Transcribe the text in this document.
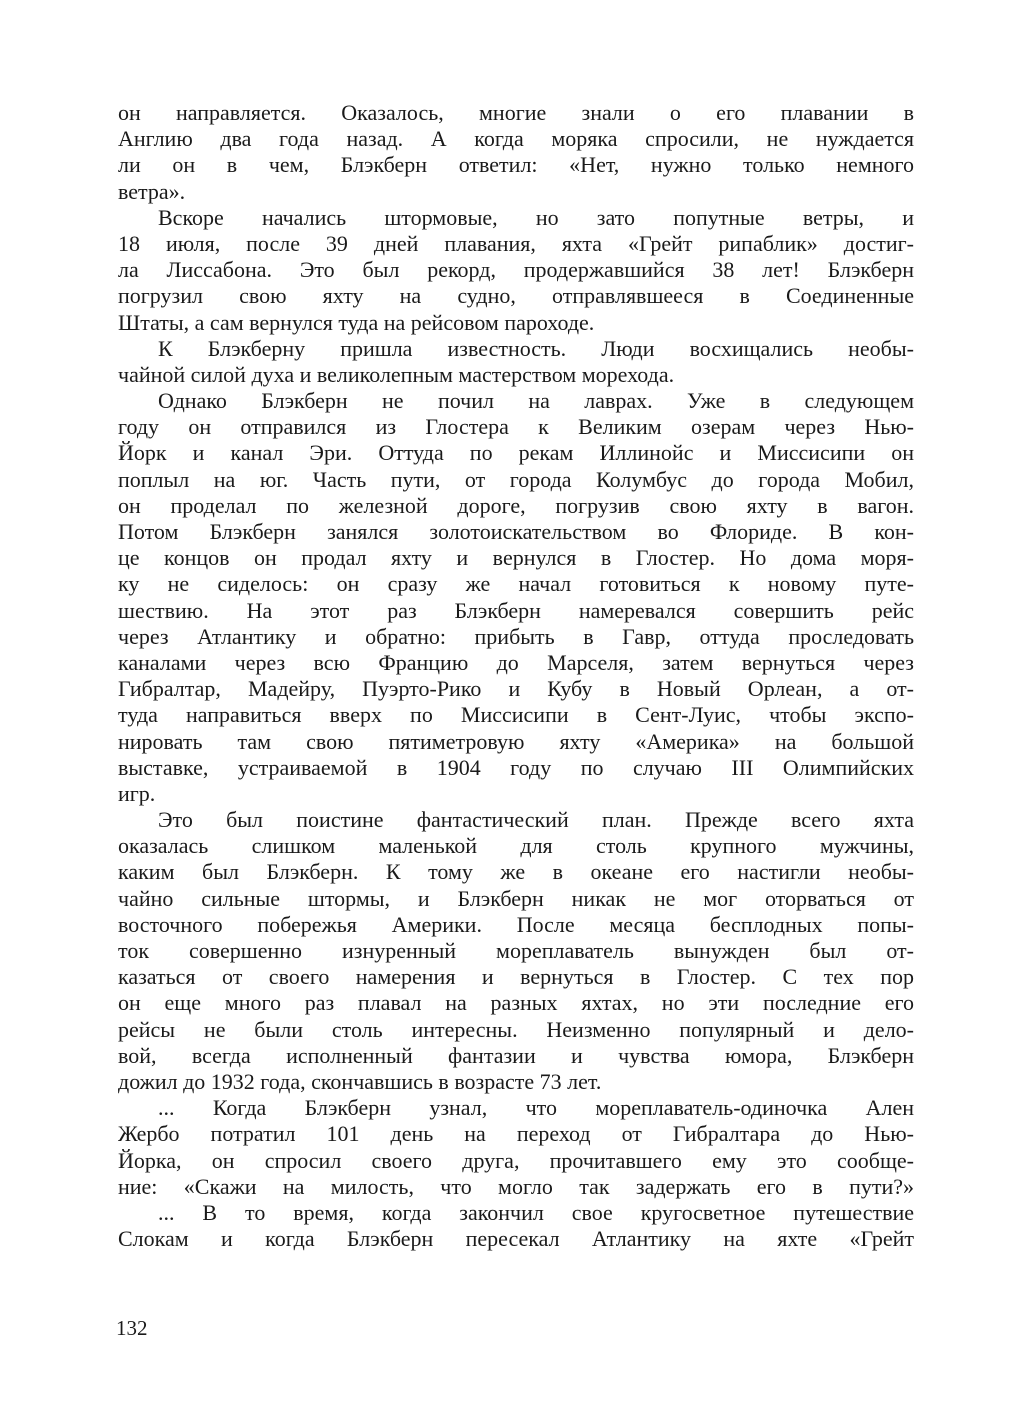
он направляется. Оказалось, многие знали о его плавании в
Англию два года назад. А когда моряка спросили, не нуждается
ли он в чем, Блэкберн ответил: «Нет, нужно только немного
ветра».

Вскоре начались штормовые, но зато попутные ветры, и
18 июля, после 39 дней плавания, яхта «Грейт рипаблик» достиг-
ла Лиссабона. Это был рекорд, продержавшийся 38 лет! Блэкберн
погрузил свою яхту на судно, отправлявшееся в Соединенные
Штаты, а сам вернулся туда на рейсовом пароходе.

К Блэкберну пришла известность. Люди восхищались необы-
чайной силой духа и великолепным мастерством морехода.

Однако Блэкберн не почил на лаврах. Уже в следующем
году он отправился из Глостера к Великим озерам через Нью-
Йорк и канал Эри. Оттуда по рекам Иллинойс и Миссисипи он
поплыл на юг. Часть пути, от города Колумбус до города Мобил,
он проделал по железной дороге, погрузив свою яхту в вагон.
Потом Блэкберн занялся золотоискательством во Флориде. В кон-
це концов он продал яхту и вернулся в Глостер. Но дома моря-
ку не сиделось: он сразу же начал готовиться к новому путе-
шествию. На этот раз Блэкберн намеревался совершить рейс
через Атлантику и обратно: прибыть в Гавр, оттуда проследовать
каналами через всю Францию до Марселя, затем вернуться через
Гибралтар, Мадейру, Пуэрто-Рико и Кубу в Новый Орлеан, а от-
туда направиться вверх по Миссисипи в Сент-Луис, чтобы экспо-
нировать там свою пятиметровую яхту «Америка» на большой
выставке, устраиваемой в 1904 году по случаю III Олимпийских
игр.

Это был поистине фантастический план. Прежде всего яхта
оказалась слишком маленькой для столь крупного мужчины,
каким был Блэкберн. К тому же в океане его настигли необы-
чайно сильные штормы, и Блэкберн никак не мог оторваться от
восточного побережья Америки. После месяца бесплодных попы-
ток совершенно изнуренный мореплаватель вынужден был от-
казаться от своего намерения и вернуться в Глостер. С тех пор
он еще много раз плавал на разных яхтах, но эти последние его
рейсы не были столь интересны. Неизменно популярный и дело-
вой, всегда исполненный фантазии и чувства юмора, Блэкберн
дожил до 1932 года, скончавшись в возрасте 73 лет.

... Когда Блэкберн узнал, что мореплаватель-одиночка Ален
Жербо потратил 101 день на переход от Гибралтара до Нью-
Йорка, он спросил своего друга, прочитавшего ему это сообще-
ние: «Скажи на милость, что могло так задержать его в пути?»

... В то время, когда закончил свое кругосветное путешествие
Слокам и когда Блэкберн пересекал Атлантику на яхте «Грейт

132
